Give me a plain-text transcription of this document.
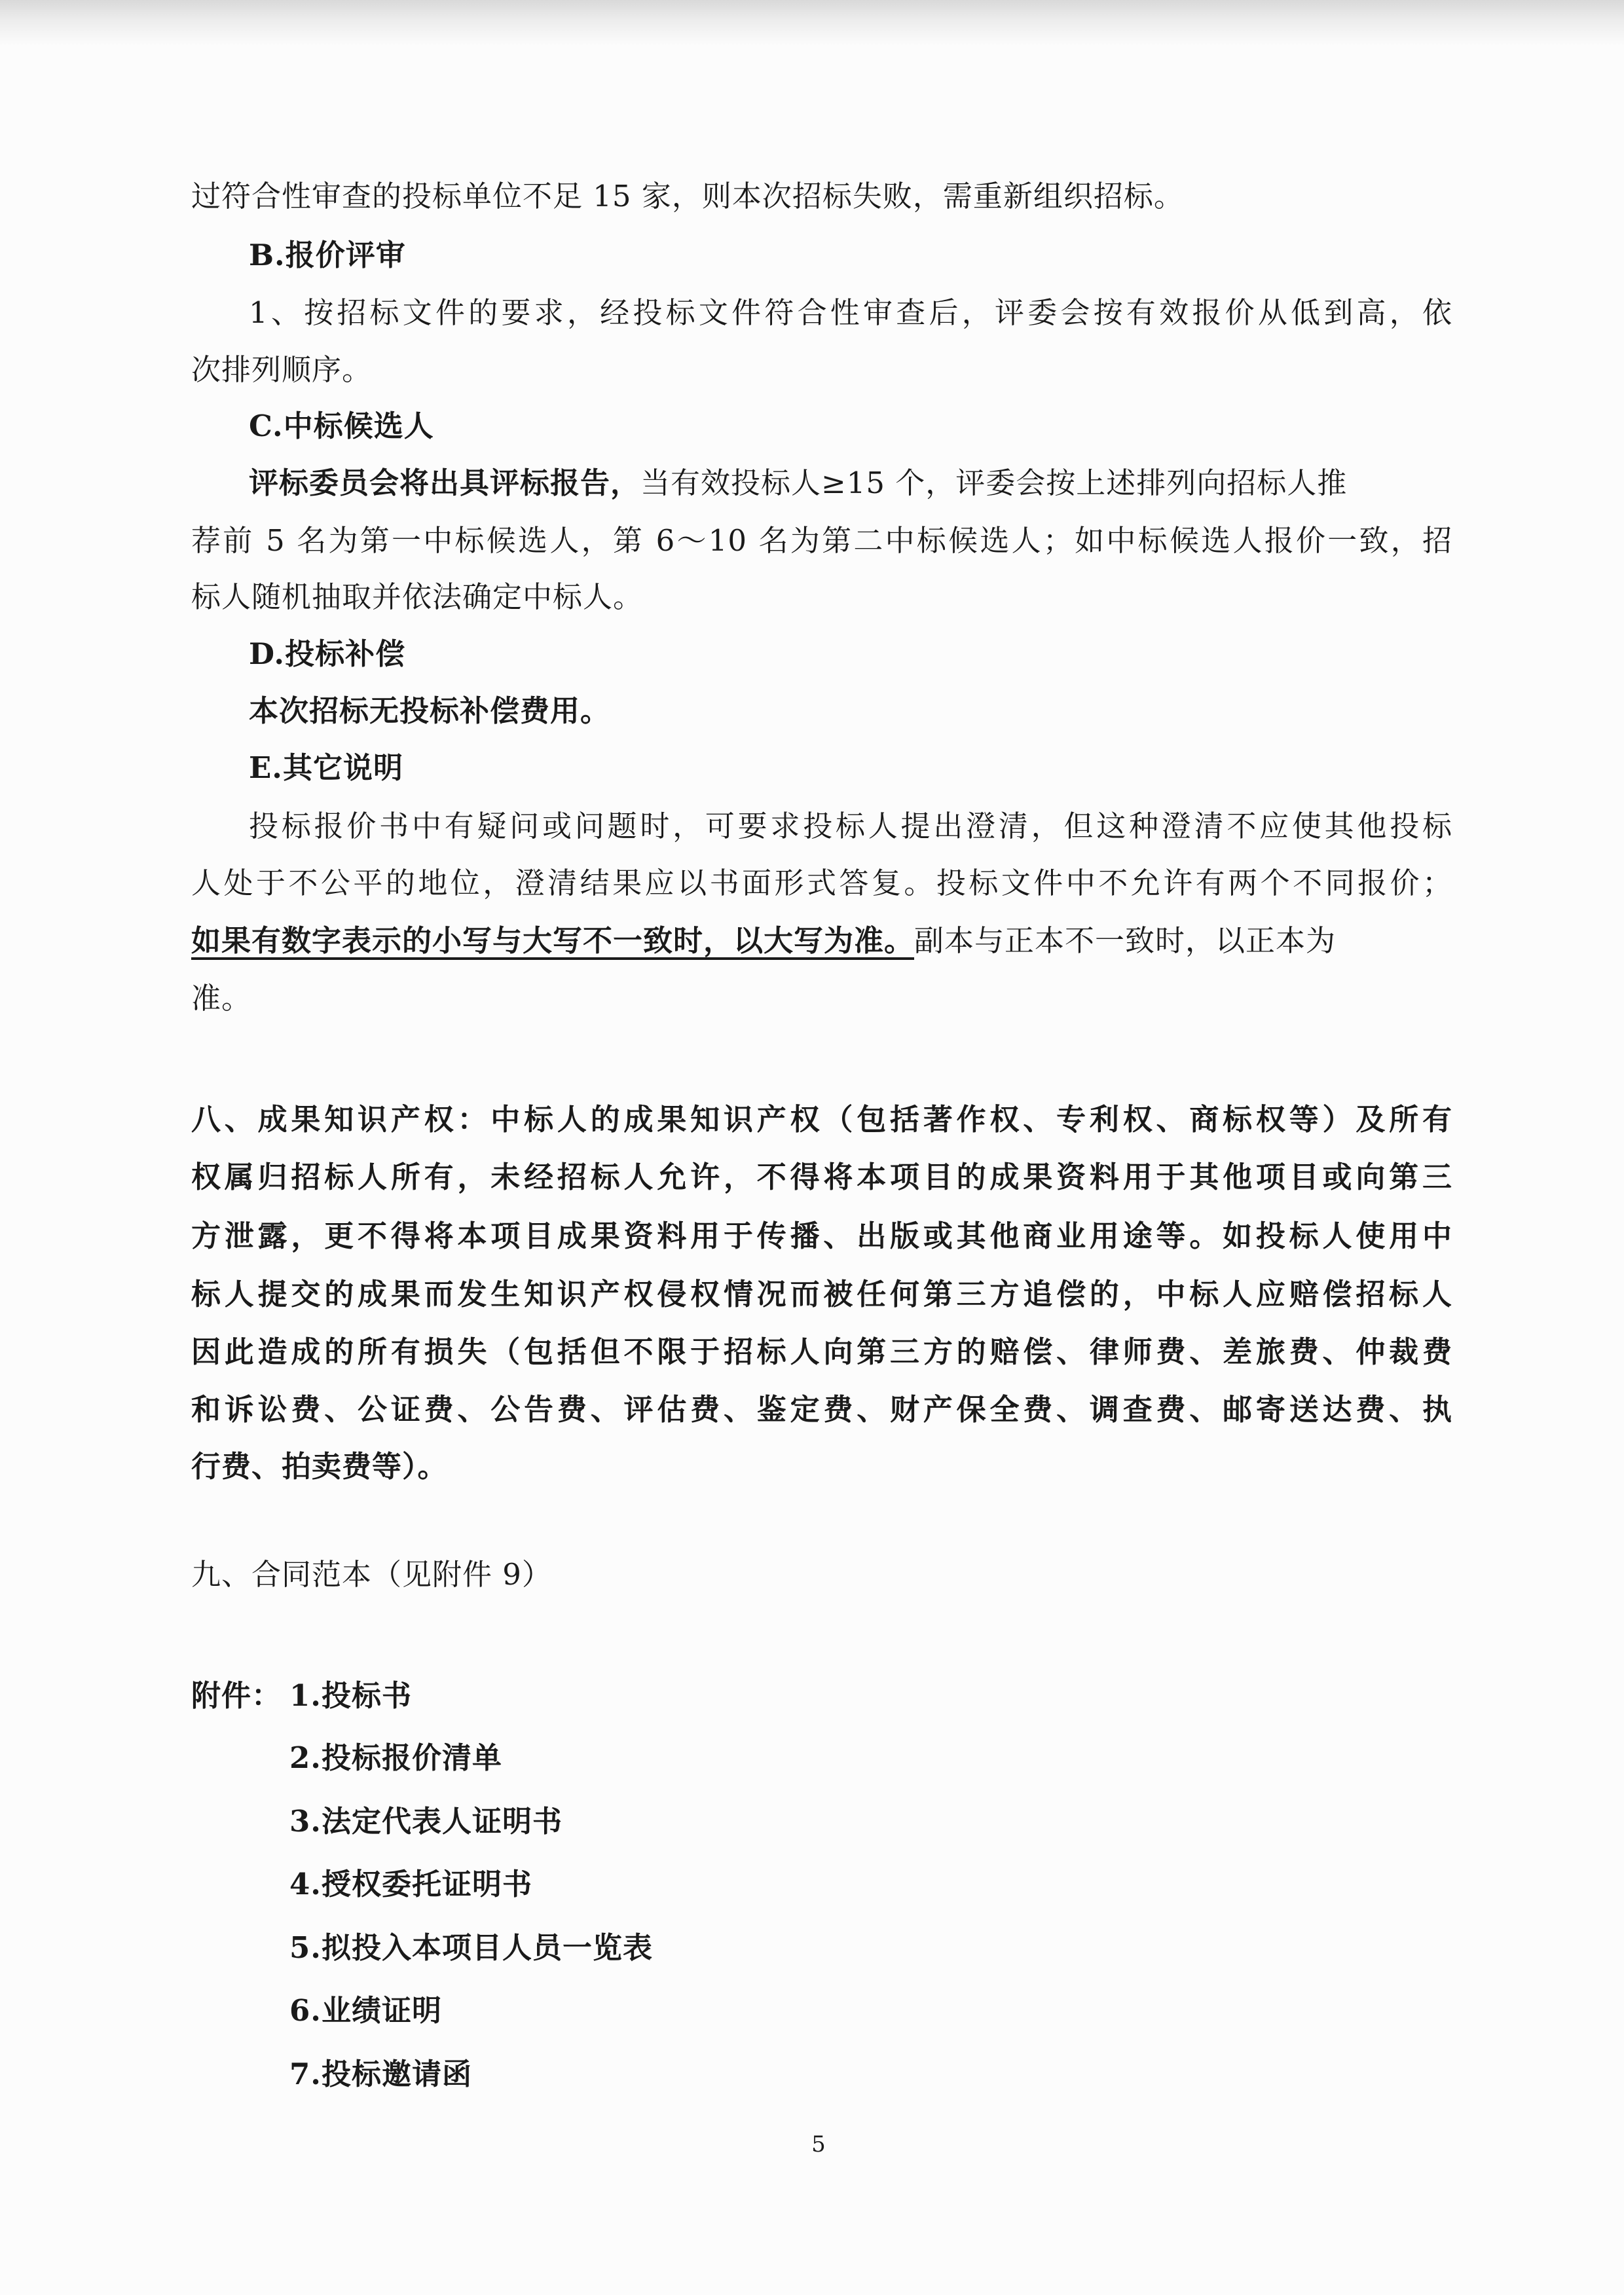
过符合性审查的投标单位不足 15 家，则本次招标失败，需重新组织招标。
B.报价评审
1、按招标文件的要求，经投标文件符合性审查后，评委会按有效报价从低到高，依
次排列顺序。
C.中标候选人
评标委员会将出具评标报告，当有效投标人≥15 个，评委会按上述排列向招标人推
荐前 5 名为第一中标候选人，第 6～10 名为第二中标候选人；如中标候选人报价一致，招
标人随机抽取并依法确定中标人。
D.投标补偿
本次招标无投标补偿费用。
E.其它说明
投标报价书中有疑问或问题时，可要求投标人提出澄清，但这种澄清不应使其他投标
人处于不公平的地位，澄清结果应以书面形式答复。投标文件中不允许有两个不同报价；
如果有数字表示的小写与大写不一致时，以大写为准。副本与正本不一致时，以正本为
准。
八、成果知识产权：中标人的成果知识产权（包括著作权、专利权、商标权等）及所有
权属归招标人所有，未经招标人允许，不得将本项目的成果资料用于其他项目或向第三
方泄露，更不得将本项目成果资料用于传播、出版或其他商业用途等。如投标人使用中
标人提交的成果而发生知识产权侵权情况而被任何第三方追偿的，中标人应赔偿招标人
因此造成的所有损失（包括但不限于招标人向第三方的赔偿、律师费、差旅费、仲裁费
和诉讼费、公证费、公告费、评估费、鉴定费、财产保全费、调查费、邮寄送达费、执
行费、拍卖费等）。
九、合同范本（见附件 9）
附件： 1.投标书
2.投标报价清单
3.法定代表人证明书
4.授权委托证明书
5.拟投入本项目人员一览表
6.业绩证明
7.投标邀请函
5
